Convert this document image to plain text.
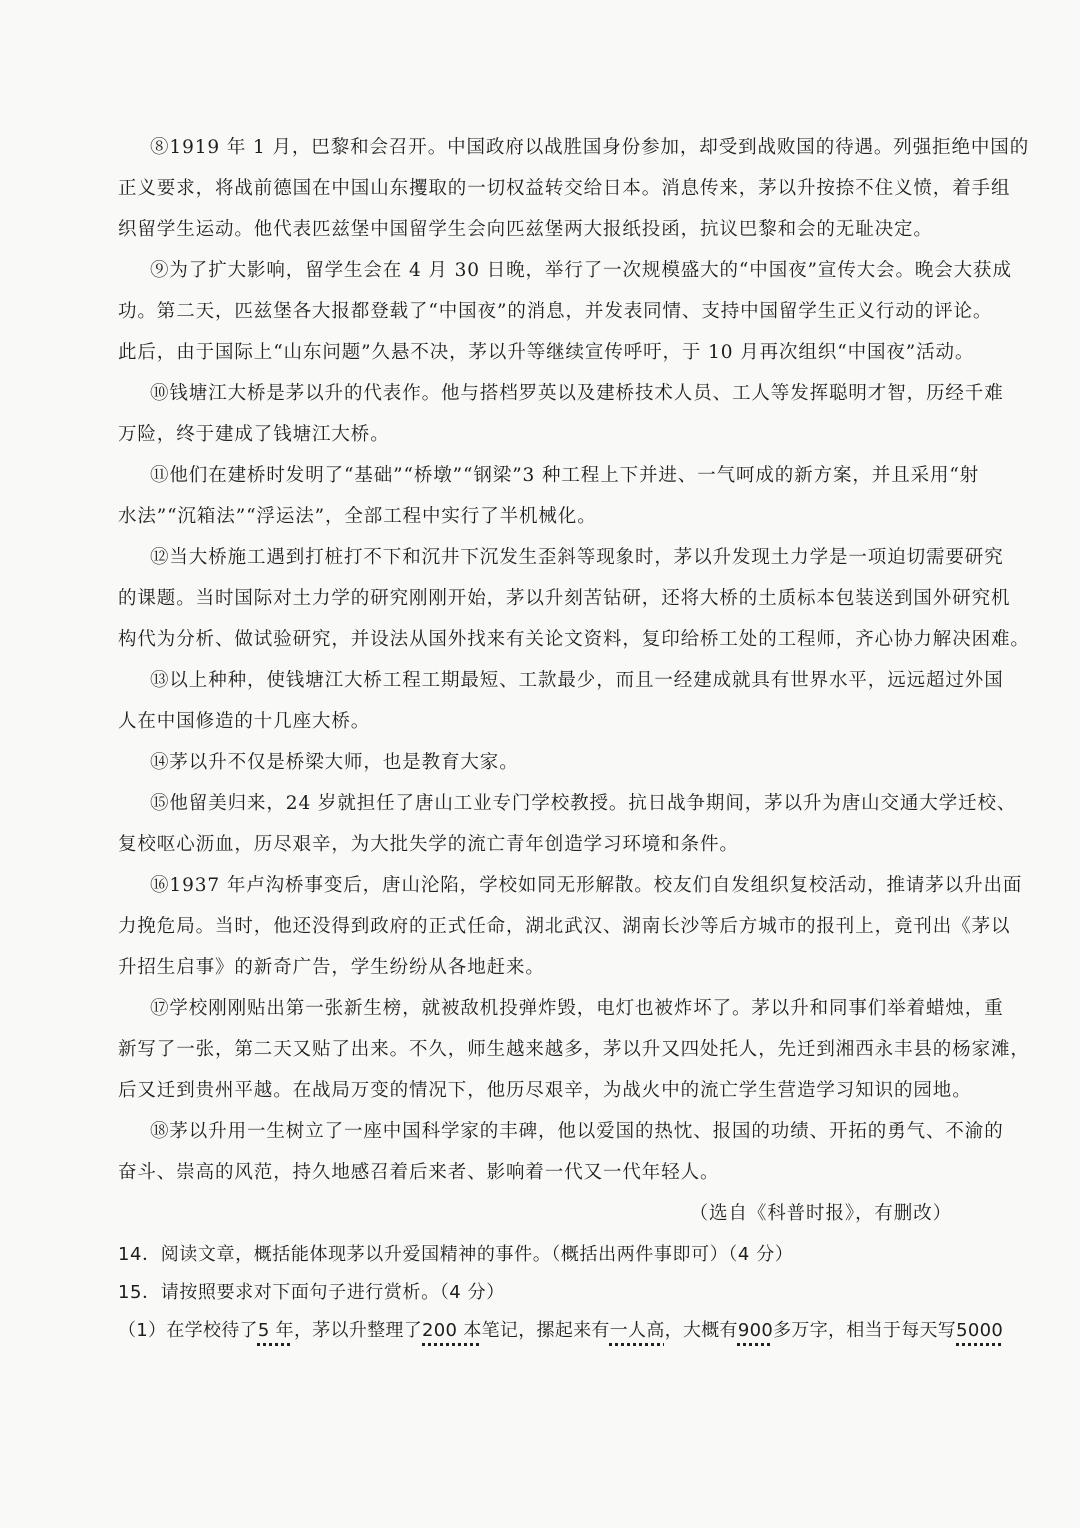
⑧1919 年 1 月，巴黎和会召开。中国政府以战胜国身份参加，却受到战败国的待遇。列强拒绝中国的
正义要求，将战前德国在中国山东攫取的一切权益转交给日本。消息传来，茅以升按捺不住义愤，着手组
织留学生运动。他代表匹兹堡中国留学生会向匹兹堡两大报纸投函，抗议巴黎和会的无耻决定。
⑨为了扩大影响，留学生会在 4 月 30 日晚，举行了一次规模盛大的“中国夜”宣传大会。晚会大获成
功。第二天，匹兹堡各大报都登载了“中国夜”的消息，并发表同情、支持中国留学生正义行动的评论。
此后，由于国际上“山东问题”久悬不决，茅以升等继续宣传呼吁，于 10 月再次组织“中国夜”活动。
⑩钱塘江大桥是茅以升的代表作。他与搭档罗英以及建桥技术人员、工人等发挥聪明才智，历经千难
万险，终于建成了钱塘江大桥。
⑪他们在建桥时发明了“基础”“桥墩”“钢梁”3 种工程上下并进、一气呵成的新方案，并且采用“射
水法”“沉箱法”“浮运法”，全部工程中实行了半机械化。
⑫当大桥施工遇到打桩打不下和沉井下沉发生歪斜等现象时，茅以升发现土力学是一项迫切需要研究
的课题。当时国际对土力学的研究刚刚开始，茅以升刻苦钻研，还将大桥的土质标本包装送到国外研究机
构代为分析、做试验研究，并设法从国外找来有关论文资料，复印给桥工处的工程师，齐心协力解决困难。
⑬以上种种，使钱塘江大桥工程工期最短、工款最少，而且一经建成就具有世界水平，远远超过外国
人在中国修造的十几座大桥。
⑭茅以升不仅是桥梁大师，也是教育大家。
⑮他留美归来，24 岁就担任了唐山工业专门学校教授。抗日战争期间，茅以升为唐山交通大学迁校、
复校呕心沥血，历尽艰辛，为大批失学的流亡青年创造学习环境和条件。
⑯1937 年卢沟桥事变后，唐山沦陷，学校如同无形解散。校友们自发组织复校活动，推请茅以升出面
力挽危局。当时，他还没得到政府的正式任命，湖北武汉、湖南长沙等后方城市的报刊上，竟刊出《茅以
升招生启事》的新奇广告，学生纷纷从各地赶来。
⑰学校刚刚贴出第一张新生榜，就被敌机投弹炸毁，电灯也被炸坏了。茅以升和同事们举着蜡烛，重
新写了一张，第二天又贴了出来。不久，师生越来越多，茅以升又四处托人，先迁到湘西永丰县的杨家滩，
后又迁到贵州平越。在战局万变的情况下，他历尽艰辛，为战火中的流亡学生营造学习知识的园地。
⑱茅以升用一生树立了一座中国科学家的丰碑，他以爱国的热忱、报国的功绩、开拓的勇气、不渝的
奋斗、崇高的风范，持久地感召着后来者、影响着一代又一代年轻人。
（选自《科普时报》，有删改）
14．阅读文章，概括能体现茅以升爱国精神的事件。（概括出两件事即可）（4 分）
15．请按照要求对下面句子进行赏析。（4 分）
（1）在学校待了5 年，茅以升整理了200 本笔记，摞起来有一人高，大概有900多万字，相当于每天写5000
